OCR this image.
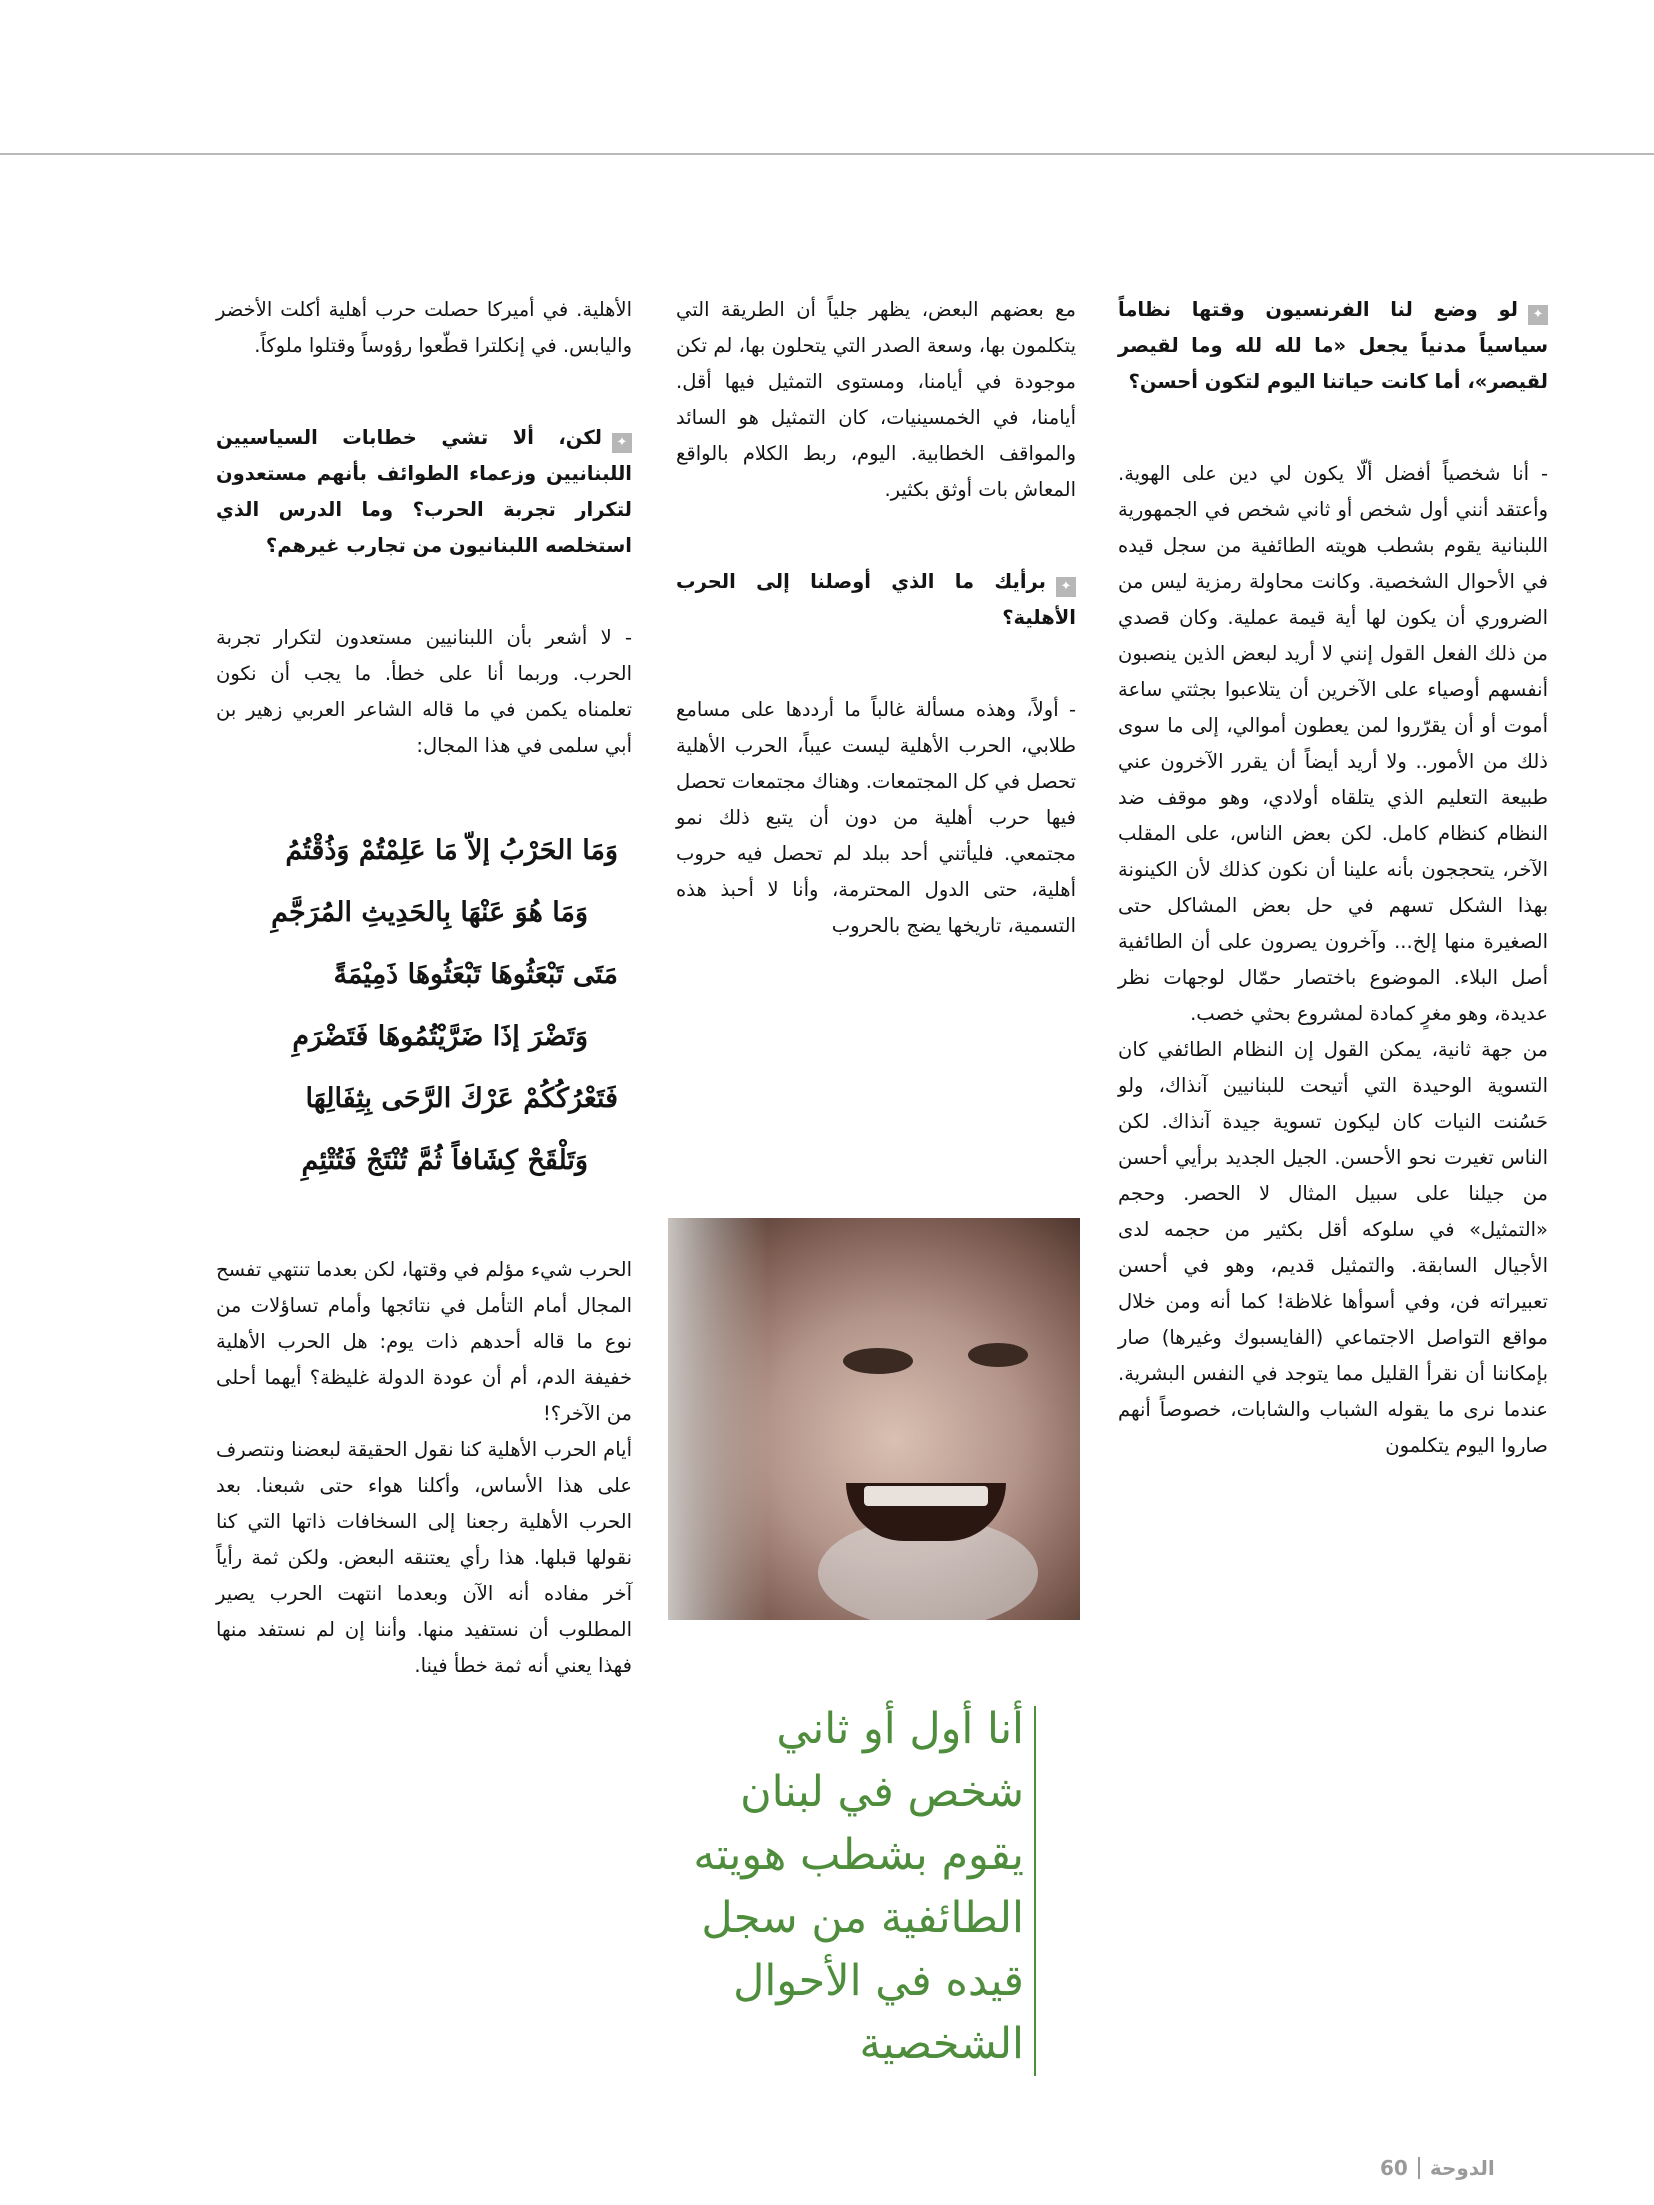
✦لو وضع لنا الفرنسيون وقتها نظاماً سياسياً مدنياً يجعل «ما لله لله وما لقيصر لقيصر»، أما كانت حياتنا اليوم لتكون أحسن؟

- أنا شخصياً أفضل ألّا يكون لي دين على الهوية. وأعتقد أنني أول شخص أو ثاني شخص في الجمهورية اللبنانية يقوم بشطب هويته الطائفية من سجل قيده في الأحوال الشخصية. وكانت محاولة رمزية ليس من الضروري أن يكون لها أية قيمة عملية. وكان قصدي من ذلك الفعل القول إنني لا أريد لبعض الذين ينصبون أنفسهم أوصياء على الآخرين أن يتلاعبوا بجثتي ساعة أموت أو أن يقرّروا لمن يعطون أموالي، إلى ما سوى ذلك من الأمور.. ولا أريد أيضاً أن يقرر الآخرون عني طبيعة التعليم الذي يتلقاه أولادي، وهو موقف ضد النظام كنظام كامل. لكن بعض الناس، على المقلب الآخر، يتحججون بأنه علينا أن نكون كذلك لأن الكينونة بهذا الشكل تسهم في حل بعض المشاكل حتى الصغيرة منها إلخ... وآخرون يصرون على أن الطائفية أصل البلاء. الموضوع باختصار حمّال لوجهات نظر عديدة، وهو مغرٍ كمادة لمشروع بحثي خصب.

من جهة ثانية، يمكن القول إن النظام الطائفي كان التسوية الوحيدة التي أتيحت للبنانيين آنذاك، ولو حَسُنت النيات كان ليكون تسوية جيدة آنذاك. لكن الناس تغيرت نحو الأحسن. الجيل الجديد برأيي أحسن من جيلنا على سبيل المثال لا الحصر. وحجم «التمثيل» في سلوكه أقل بكثير من حجمه لدى الأجيال السابقة. والتمثيل قديم، وهو في أحسن تعبيراته فن، وفي أسوأها غلاظة! كما أنه ومن خلال مواقع التواصل الاجتماعي (الفايسبوك وغيرها) صار بإمكاننا أن نقرأ القليل مما يتوجد في النفس البشرية. عندما نرى ما يقوله الشباب والشابات، خصوصاً أنهم صاروا اليوم يتكلمون

مع بعضهم البعض، يظهر جلياً أن الطريقة التي يتكلمون بها، وسعة الصدر التي يتحلون بها، لم تكن موجودة في أيامنا، ومستوى التمثيل فيها أقل. أيامنا، في الخمسينيات، كان التمثيل هو السائد والمواقف الخطابية. اليوم، ربط الكلام بالواقع المعاش بات أوثق بكثير.

✦برأيك ما الذي أوصلنا إلى الحرب الأهلية؟

- أولاً، وهذه مسألة غالباً ما أرددها على مسامع طلابي، الحرب الأهلية ليست عيباً، الحرب الأهلية تحصل في كل المجتمعات. وهناك مجتمعات تحصل فيها حرب أهلية من دون أن يتبع ذلك نمو مجتمعي. فليأتني أحد ببلد لم تحصل فيه حروب أهلية، حتى الدول المحترمة، وأنا لا أحبذ هذه التسمية، تاريخها يضج بالحروب

الأهلية. في أميركا حصلت حرب أهلية أكلت الأخضر واليابس. في إنكلترا قطّعوا رؤوساً وقتلوا ملوكاً.

✦لكن، ألا تشي خطابات السياسيين اللبنانيين وزعماء الطوائف بأنهم مستعدون لتكرار تجربة الحرب؟ وما الدرس الذي استخلصه اللبنانيون من تجارب غيرهم؟

- لا أشعر بأن اللبنانيين مستعدون لتكرار تجربة الحرب. وربما أنا على خطأ. ما يجب أن نكون تعلمناه يكمن في ما قاله الشاعر العربي زهير بن أبي سلمى في هذا المجال:

وَمَا الحَرْبُ إلاّ مَا عَلِمْتُمْ وَذُقْتُمُ
وَمَا هُوَ عَنْهَا بِالحَدِيثِ المُرَجَّمِ
مَتَى تَبْعَثُوهَا تَبْعَثُوهَا ذَمِيْمَةً
وَتَضْرَ إذَا ضَرَّيْتُمُوهَا فَتَضْرَمِ
فَتَعْرُكُكُمْ عَرْكَ الرَّحَى بِثِفَالِهَا
وَتَلْقَحْ كِشَافاً ثُمَّ تُنْتَجْ فَتُتْئِمِ

الحرب شيء مؤلم في وقتها، لكن بعدما تنتهي تفسح المجال أمام التأمل في نتائجها وأمام تساؤلات من نوع ما قاله أحدهم ذات يوم: هل الحرب الأهلية خفيفة الدم، أم أن عودة الدولة غليظة؟ أيهما أحلى من الآخر؟!

أيام الحرب الأهلية كنا نقول الحقيقة لبعضنا ونتصرف على هذا الأساس، وأكلنا هواء حتى شبعنا. بعد الحرب الأهلية رجعنا إلى السخافات ذاتها التي كنا نقولها قبلها. هذا رأي يعتنقه البعض. ولكن ثمة رأياً آخر مفاده أنه الآن وبعدما انتهت الحرب يصير المطلوب أن نستفيد منها. وأننا إن لم نستفد منها فهذا يعني أنه ثمة خطأ فينا.

أنا أول أو ثاني شخص في لبنان يقوم بشطب هويته الطائفية من سجل قيده في الأحوال الشخصية
60 الدوحة
